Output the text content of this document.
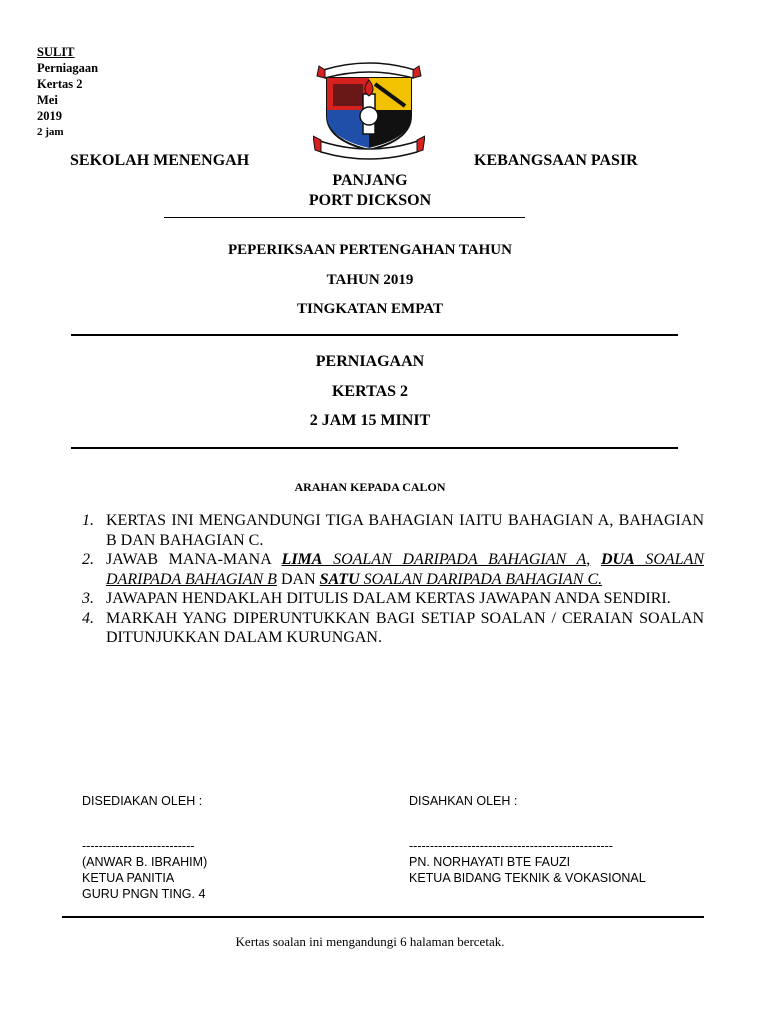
SULIT
Perniagaan
Kertas 2
Mei
2019
2 jam
SEKOLAH MENENGAH	KEBANGSAAN PASIR
PANJANG
PORT DICKSON
PEPERIKSAAN PERTENGAHAN TAHUN
TAHUN 2019
TINGKATAN EMPAT
PERNIAGAAN
KERTAS 2
2 JAM 15 MINIT
ARAHAN KEPADA CALON
1. KERTAS INI MENGANDUNGI TIGA BAHAGIAN IAITU BAHAGIAN A, BAHAGIAN B DAN BAHAGIAN C.
2. JAWAB MANA-MANA LIMA SOALAN DARIPADA BAHAGIAN A, DUA SOALAN DARIPADA BAHAGIAN B DAN SATU SOALAN DARIPADA BAHAGIAN C.
3. JAWAPAN HENDAKLAH DITULIS DALAM KERTAS JAWAPAN ANDA SENDIRI.
4. MARKAH YANG DIPERUNTUKKAN BAGI SETIAP SOALAN / CERAIAN SOALAN DITUNJUKKAN DALAM KURUNGAN.
DISEDIAKAN OLEH :	DISAHKAN OLEH :
---------------------------	-------------------------------------------------
(ANWAR B. IBRAHIM)
KETUA PANITIA
GURU PNGN TING. 4
PN. NORHAYATI BTE FAUZI
KETUA BIDANG TEKNIK & VOKASIONAL
Kertas soalan ini mengandungi 6 halaman bercetak.
